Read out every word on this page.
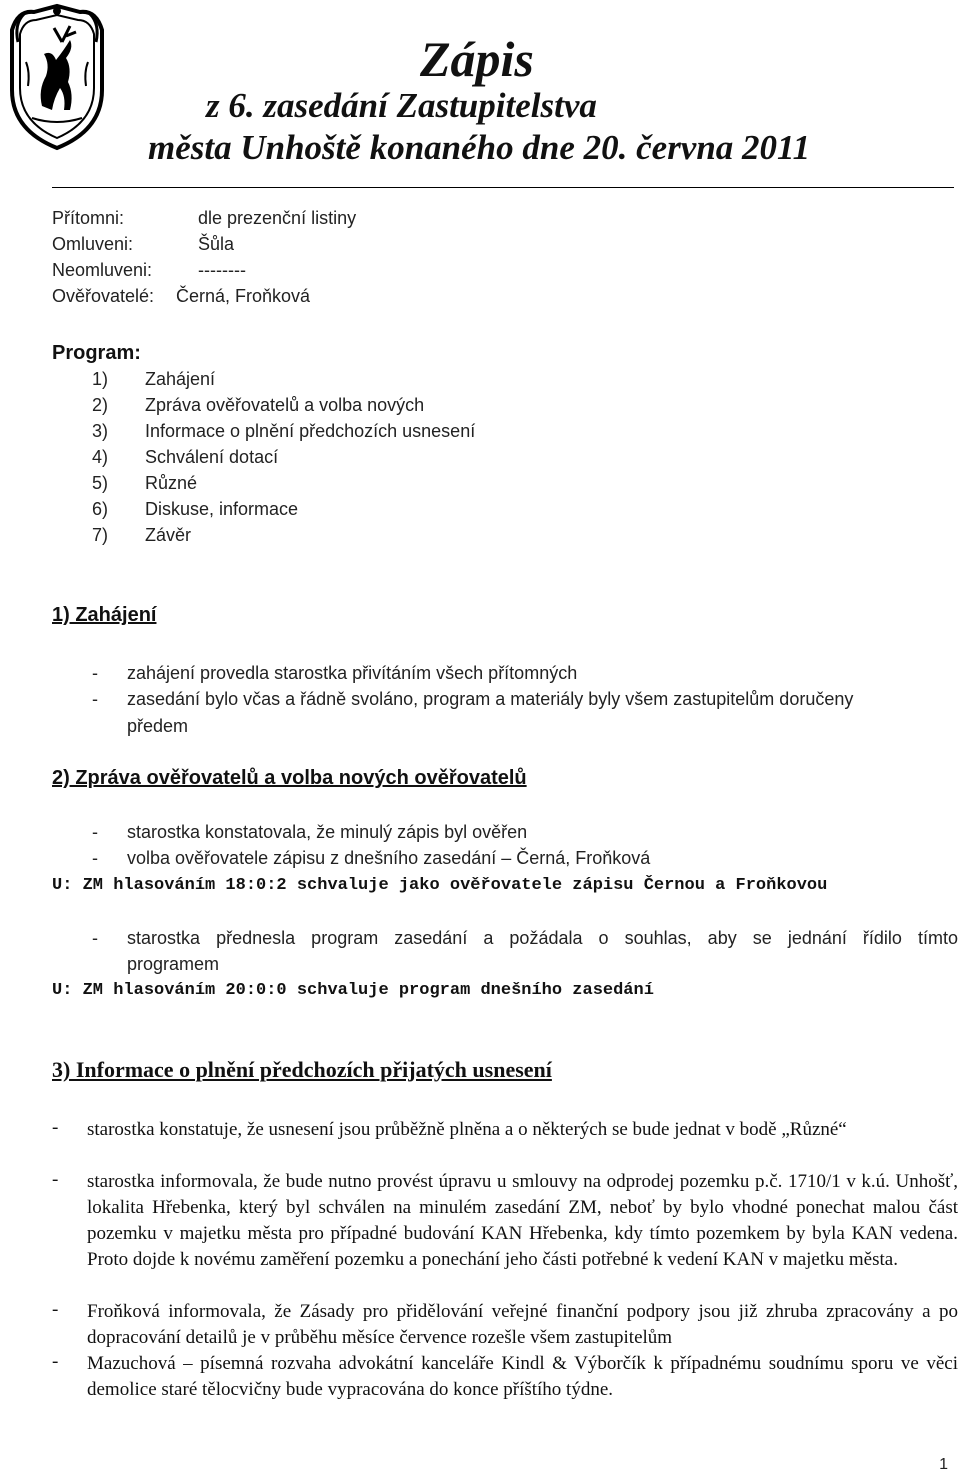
Zápis
z 6. zasedání Zastupitelstva
města Unhoště konaného dne 20. června 2011
Přítomni:	dle prezenční listiny
Omluveni:	Šůla
Neomluveni:	--------
Ověřovatelé: Černá, Froňková
Program:
1) Zahájení
2) Zpráva ověřovatelů a volba nových
3) Informace o plnění předchozích usnesení
4) Schválení dotací
5) Různé
6) Diskuse, informace
7) Závěr
1) Zahájení
- zahájení provedla starostka přivítáním všech přítomných
- zasedání bylo včas a řádně svoláno, program a materiály byly všem zastupitelům doručeny
předem
2) Zpráva ověřovatelů a volba nových ověřovatelů
- starostka konstatovala, že minulý zápis byl ověřen
- volba ověřovatele zápisu z dnešního zasedání – Černá, Froňková
U: ZM hlasováním 18:0:2 schvaluje jako ověřovatele zápisu Černou a Froňkovou
- starostka přednesla program zasedání a požádala o souhlas, aby se jednání řídilo tímto
programem
U: ZM hlasováním 20:0:0 schvaluje program dnešního zasedání
3) Informace o plnění předchozích přijatých usnesení
- starostka konstatuje, že usnesení jsou průběžně plněna a o některých se bude jednat v bodě „Různé“
- starostka informovala, že bude nutno provést úpravu u smlouvy na odprodej pozemku p.č. 1710/1 v k.ú. Unhošť, lokalita Hřebenka, který byl schválen na minulém zasedání ZM, neboť by bylo vhodné ponechat malou část pozemku v majetku města pro případné budování KAN Hřebenka, kdy tímto pozemkem by byla KAN vedena. Proto dojde k novému zaměření pozemku a ponechání jeho části potřebné k vedení KAN v majetku města.
- Froňková informovala, že Zásady pro přidělování veřejné finanční podpory jsou již zhruba zpracovány a po dopracování detailů je v průběhu měsíce července rozešle všem zastupitelům
- Mazuchová – písemná rozvaha advokátní kanceláře Kindl & Výborčík k případnému soudnímu sporu ve věci demolice staré tělocvičny bude vypracována do konce příštího týdne.
1
